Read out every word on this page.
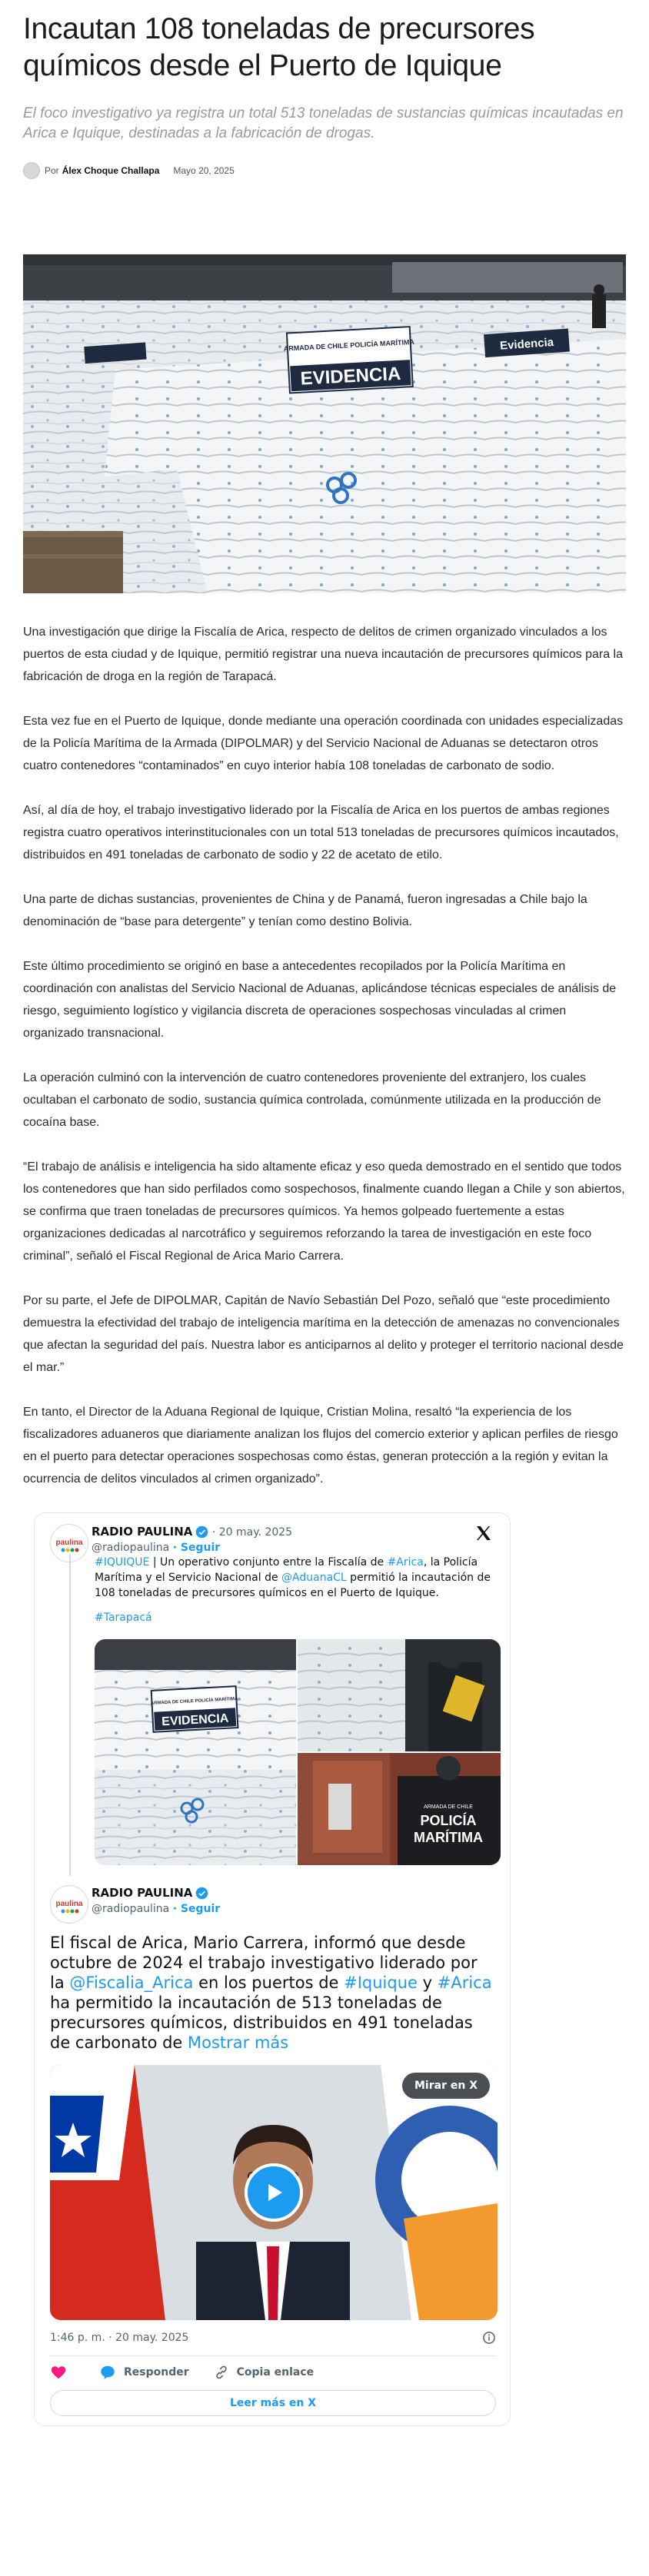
Incautan 108 toneladas de precursores químicos desde el Puerto de Iquique

El foco investigativo ya registra un total 513 toneladas de sustancias químicas incautadas en Arica e Iquique, destinadas a la fabricación de drogas.

Por Álex Choque Challapa Mayo 20, 2025
ARMADA DE CHILE POLICÍA MARÍTIMA
EVIDENCIA
Evidencia

Una investigación que dirige la Fiscalía de Arica, respecto de delitos de crimen organizado vinculados a los puertos de esta ciudad y de Iquique, permitió registrar una nueva incautación de precursores químicos para la fabricación de droga en la región de Tarapacá.

Esta vez fue en el Puerto de Iquique, donde mediante una operación coordinada con unidades especializadas de la Policía Marítima de la Armada (DIPOLMAR) y del Servicio Nacional de Aduanas se detectaron otros cuatro contenedores “contaminados” en cuyo interior había 108 toneladas de carbonato de sodio.

Así, al día de hoy, el trabajo investigativo liderado por la Fiscalía de Arica en los puertos de ambas regiones registra cuatro operativos interinstitucionales con un total 513 toneladas de precursores químicos incautados, distribuidos en 491 toneladas de carbonato de sodio y 22 de acetato de etilo.

Una parte de dichas sustancias, provenientes de China y de Panamá, fueron ingresadas a Chile bajo la denominación de “base para detergente” y tenían como destino Bolivia.

Este último procedimiento se originó en base a antecedentes recopilados por la Policía Marítima en coordinación con analistas del Servicio Nacional de Aduanas, aplicándose técnicas especiales de análisis de riesgo, seguimiento logístico y vigilancia discreta de operaciones sospechosas vinculadas al crimen organizado transnacional.

La operación culminó con la intervención de cuatro contenedores proveniente del extranjero, los cuales ocultaban el carbonato de sodio, sustancia química controlada, comúnmente utilizada en la producción de cocaína base.

“El trabajo de análisis e inteligencia ha sido altamente eficaz y eso queda demostrado en el sentido que todos los contenedores que han sido perfilados como sospechosos, finalmente cuando llegan a Chile y son abiertos, se confirma que traen toneladas de precursores químicos. Ya hemos golpeado fuertemente a estas organizaciones dedicadas al narcotráfico y seguiremos reforzando la tarea de investigación en este foco criminal”, señaló el Fiscal Regional de Arica Mario Carrera.

Por su parte, el Jefe de DIPOLMAR, Capitán de Navío Sebastián Del Pozo, señaló que “este procedimiento demuestra la efectividad del trabajo de inteligencia marítima en la detección de amenazas no convencionales que afectan la seguridad del país. Nuestra labor es anticiparnos al delito y proteger el territorio nacional desde el mar.”

En tanto, el Director de la Aduana Regional de Iquique, Cristian Molina, resaltó “la experiencia de los fiscalizadores aduaneros que diariamente analizan los flujos del comercio exterior y aplican perfiles de riesgo en el puerto para detectar operaciones sospechosas como éstas, generan protección a la región y evitan la ocurrencia de delitos vinculados al crimen organizado”.

paulina
RADIO PAULINA · 20 may. 2025
@radiopaulina · Seguir
#IQUIQUE | Un operativo conjunto entre la Fiscalía de #Arica, la Policía Marítima y el Servicio Nacional de @AduanaCL permitió la incautación de 108 toneladas de precursores químicos en el Puerto de Iquique.
#Tarapacá
ARMADA DE CHILE POLICÍA MARÍTIMA
EVIDENCIA
ARMADA DE CHILE
POLICÍA
MARÍTIMA
paulina
RADIO PAULINA
@radiopaulina · Seguir
El fiscal de Arica, Mario Carrera, informó que desde octubre de 2024 el trabajo investigativo liderado por la @Fiscalia_Arica en los puertos de #Iquique y #Arica ha permitido la incautación de 513 toneladas de precursores químicos, distribuidos en 491 toneladas de carbonato de Mostrar más
Mirar en X
1:46 p. m. · 20 may. 2025
Responder	Copia enlace
Leer más en X
